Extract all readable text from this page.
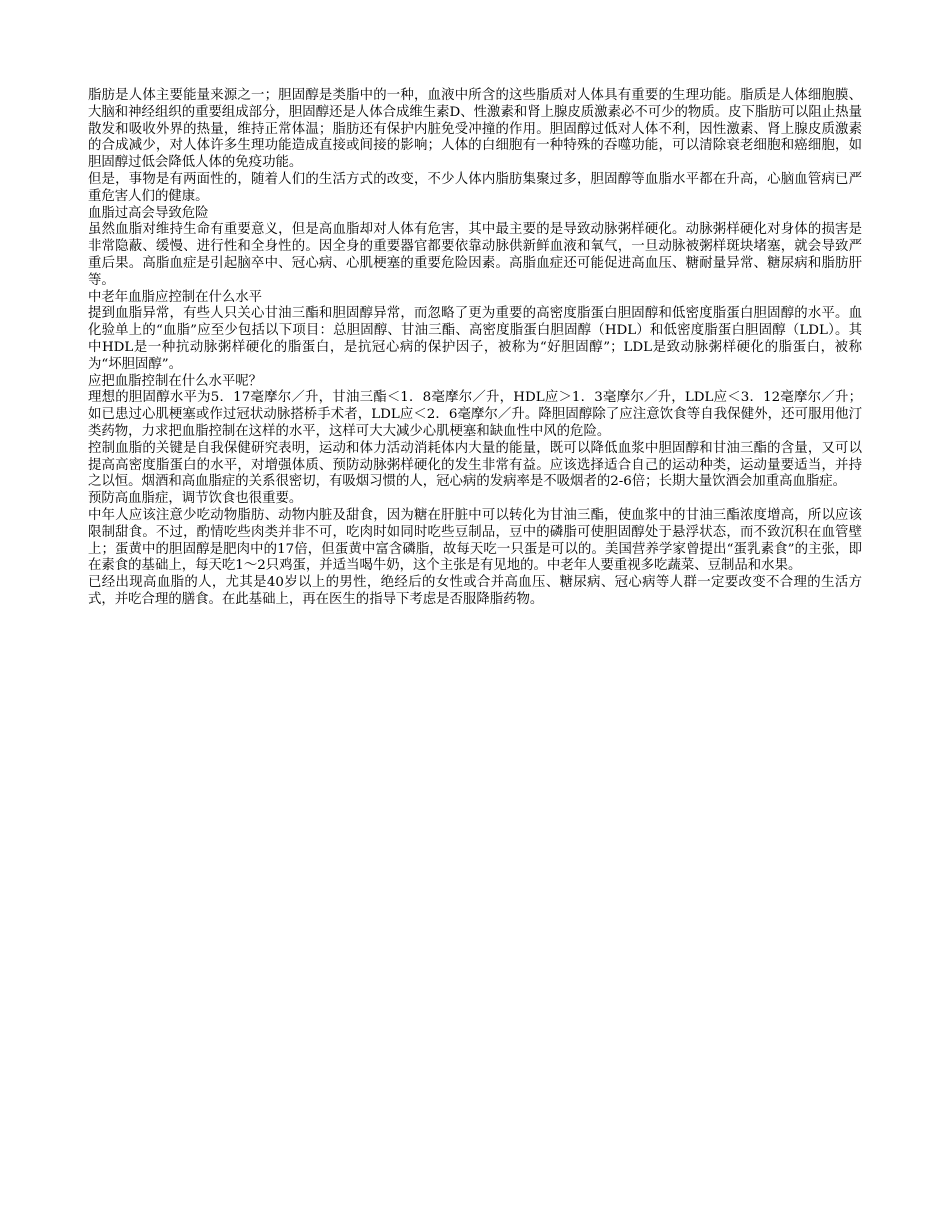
脂肪是人体主要能量来源之一；胆固醇是类脂中的一种，血液中所含的这些脂质对人体具有重要的生理功能。脂质是人体细胞膜、大脑和神经组织的重要组成部分，胆固醇还是人体合成维生素D、性激素和肾上腺皮质激素必不可少的物质。皮下脂肪可以阻止热量散发和吸收外界的热量，维持正常体温；脂肪还有保护内脏免受冲撞的作用。胆固醇过低对人体不利，因性激素、肾上腺皮质激素的合成减少，对人体许多生理功能造成直接或间接的影响；人体的白细胞有一种特殊的吞噬功能，可以清除衰老细胞和癌细胞，如胆固醇过低会降低人体的免疫功能。

但是，事物是有两面性的，随着人们的生活方式的改变，不少人体内脂肪集聚过多，胆固醇等血脂水平都在升高，心脑血管病已严重危害人们的健康。

血脂过高会导致危险

虽然血脂对维持生命有重要意义，但是高血脂却对人体有危害，其中最主要的是导致动脉粥样硬化。动脉粥样硬化对身体的损害是非常隐蔽、缓慢、进行性和全身性的。因全身的重要器官都要依靠动脉供新鲜血液和氧气，一旦动脉被粥样斑块堵塞，就会导致严重后果。高脂血症是引起脑卒中、冠心病、心肌梗塞的重要危险因素。高脂血症还可能促进高血压、糖耐量异常、糖尿病和脂肪肝等。

中老年血脂应控制在什么水平

提到血脂异常，有些人只关心甘油三酯和胆固醇异常，而忽略了更为重要的高密度脂蛋白胆固醇和低密度脂蛋白胆固醇的水平。血化验单上的“血脂”应至少包括以下项目：总胆固醇、甘油三酯、高密度脂蛋白胆固醇（HDL）和低密度脂蛋白胆固醇（LDL）。其中HDL是一种抗动脉粥样硬化的脂蛋白，是抗冠心病的保护因子，被称为“好胆固醇”；LDL是致动脉粥样硬化的脂蛋白，被称为“坏胆固醇”。

应把血脂控制在什么水平呢？

理想的胆固醇水平为5．17毫摩尔／升，甘油三酯＜1．8毫摩尔／升，HDL应＞1．3毫摩尔／升，LDL应＜3．12毫摩尔／升；如已患过心肌梗塞或作过冠状动脉搭桥手术者，LDL应＜2．6毫摩尔／升。降胆固醇除了应注意饮食等自我保健外，还可服用他汀类药物，力求把血脂控制在这样的水平，这样可大大减少心肌梗塞和缺血性中风的危险。

控制血脂的关键是自我保健研究表明，运动和体力活动消耗体内大量的能量，既可以降低血浆中胆固醇和甘油三酯的含量，又可以提高高密度脂蛋白的水平，对增强体质、预防动脉粥样硬化的发生非常有益。应该选择适合自己的运动种类，运动量要适当，并持之以恒。烟酒和高血脂症的关系很密切，有吸烟习惯的人，冠心病的发病率是不吸烟者的2-6倍；长期大量饮酒会加重高血脂症。

预防高血脂症，调节饮食也很重要。

中年人应该注意少吃动物脂肪、动物内脏及甜食，因为糖在肝脏中可以转化为甘油三酯，使血浆中的甘油三酯浓度增高，所以应该限制甜食。不过，酌情吃些肉类并非不可，吃肉时如同时吃些豆制品，豆中的磷脂可使胆固醇处于悬浮状态，而不致沉积在血管壁上；蛋黄中的胆固醇是肥肉中的17倍，但蛋黄中富含磷脂，故每天吃一只蛋是可以的。美国营养学家曾提出“蛋乳素食”的主张，即在素食的基础上，每天吃1～2只鸡蛋，并适当喝牛奶，这个主张是有见地的。中老年人要重视多吃蔬菜、豆制品和水果。

已经出现高血脂的人，尤其是40岁以上的男性，绝经后的女性或合并高血压、糖尿病、冠心病等人群一定要改变不合理的生活方式，并吃合理的膳食。在此基础上，再在医生的指导下考虑是否服降脂药物。
